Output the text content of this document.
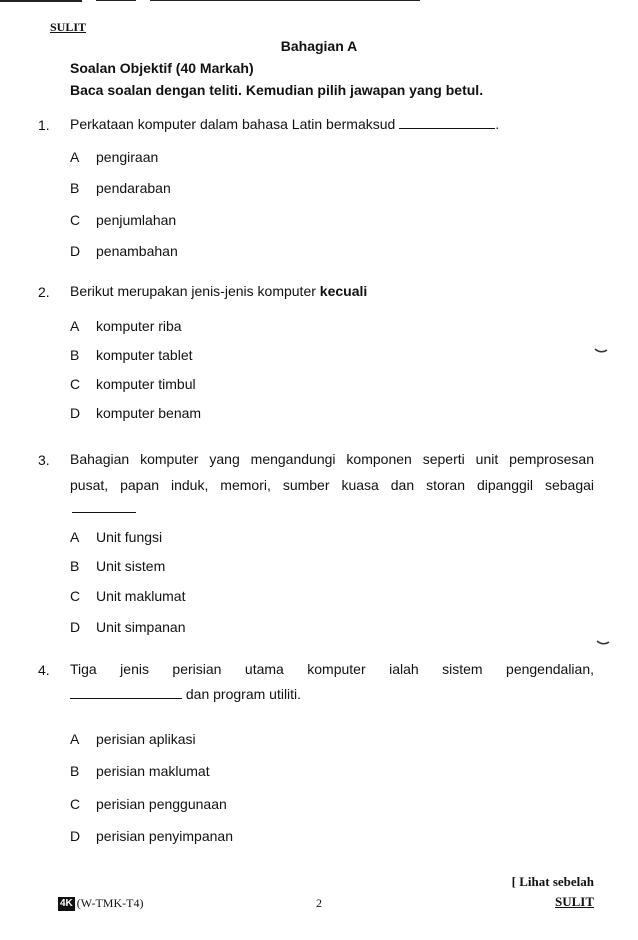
SULIT
Bahagian A
Soalan Objektif (40 Markah)
Baca soalan dengan teliti. Kemudian pilih jawapan yang betul.
1. Perkataan komputer dalam bahasa Latin bermaksud	.
A pengiraan
B pendaraban
C penjumlahan
D penambahan
2. Berikut merupakan jenis-jenis komputer kecuali
A komputer riba
B komputer tablet
C komputer timbul
D komputer benam
3. Bahagian komputer yang mengandungi komponen seperti unit pemprosesan
pusat, papan induk, memori, sumber kuasa dan storan dipanggil sebagai
A Unit fungsi
B Unit sistem
C Unit maklumat
D Unit simpanan
4. Tiga jenis perisian utama komputer ialah sistem pengendalian,
dan program utiliti.
A perisian aplikasi
B perisian maklumat
C perisian penggunaan
D perisian penyimpanan
[ Lihat sebelah
4K (W-TMK-T4)	2	SULIT
